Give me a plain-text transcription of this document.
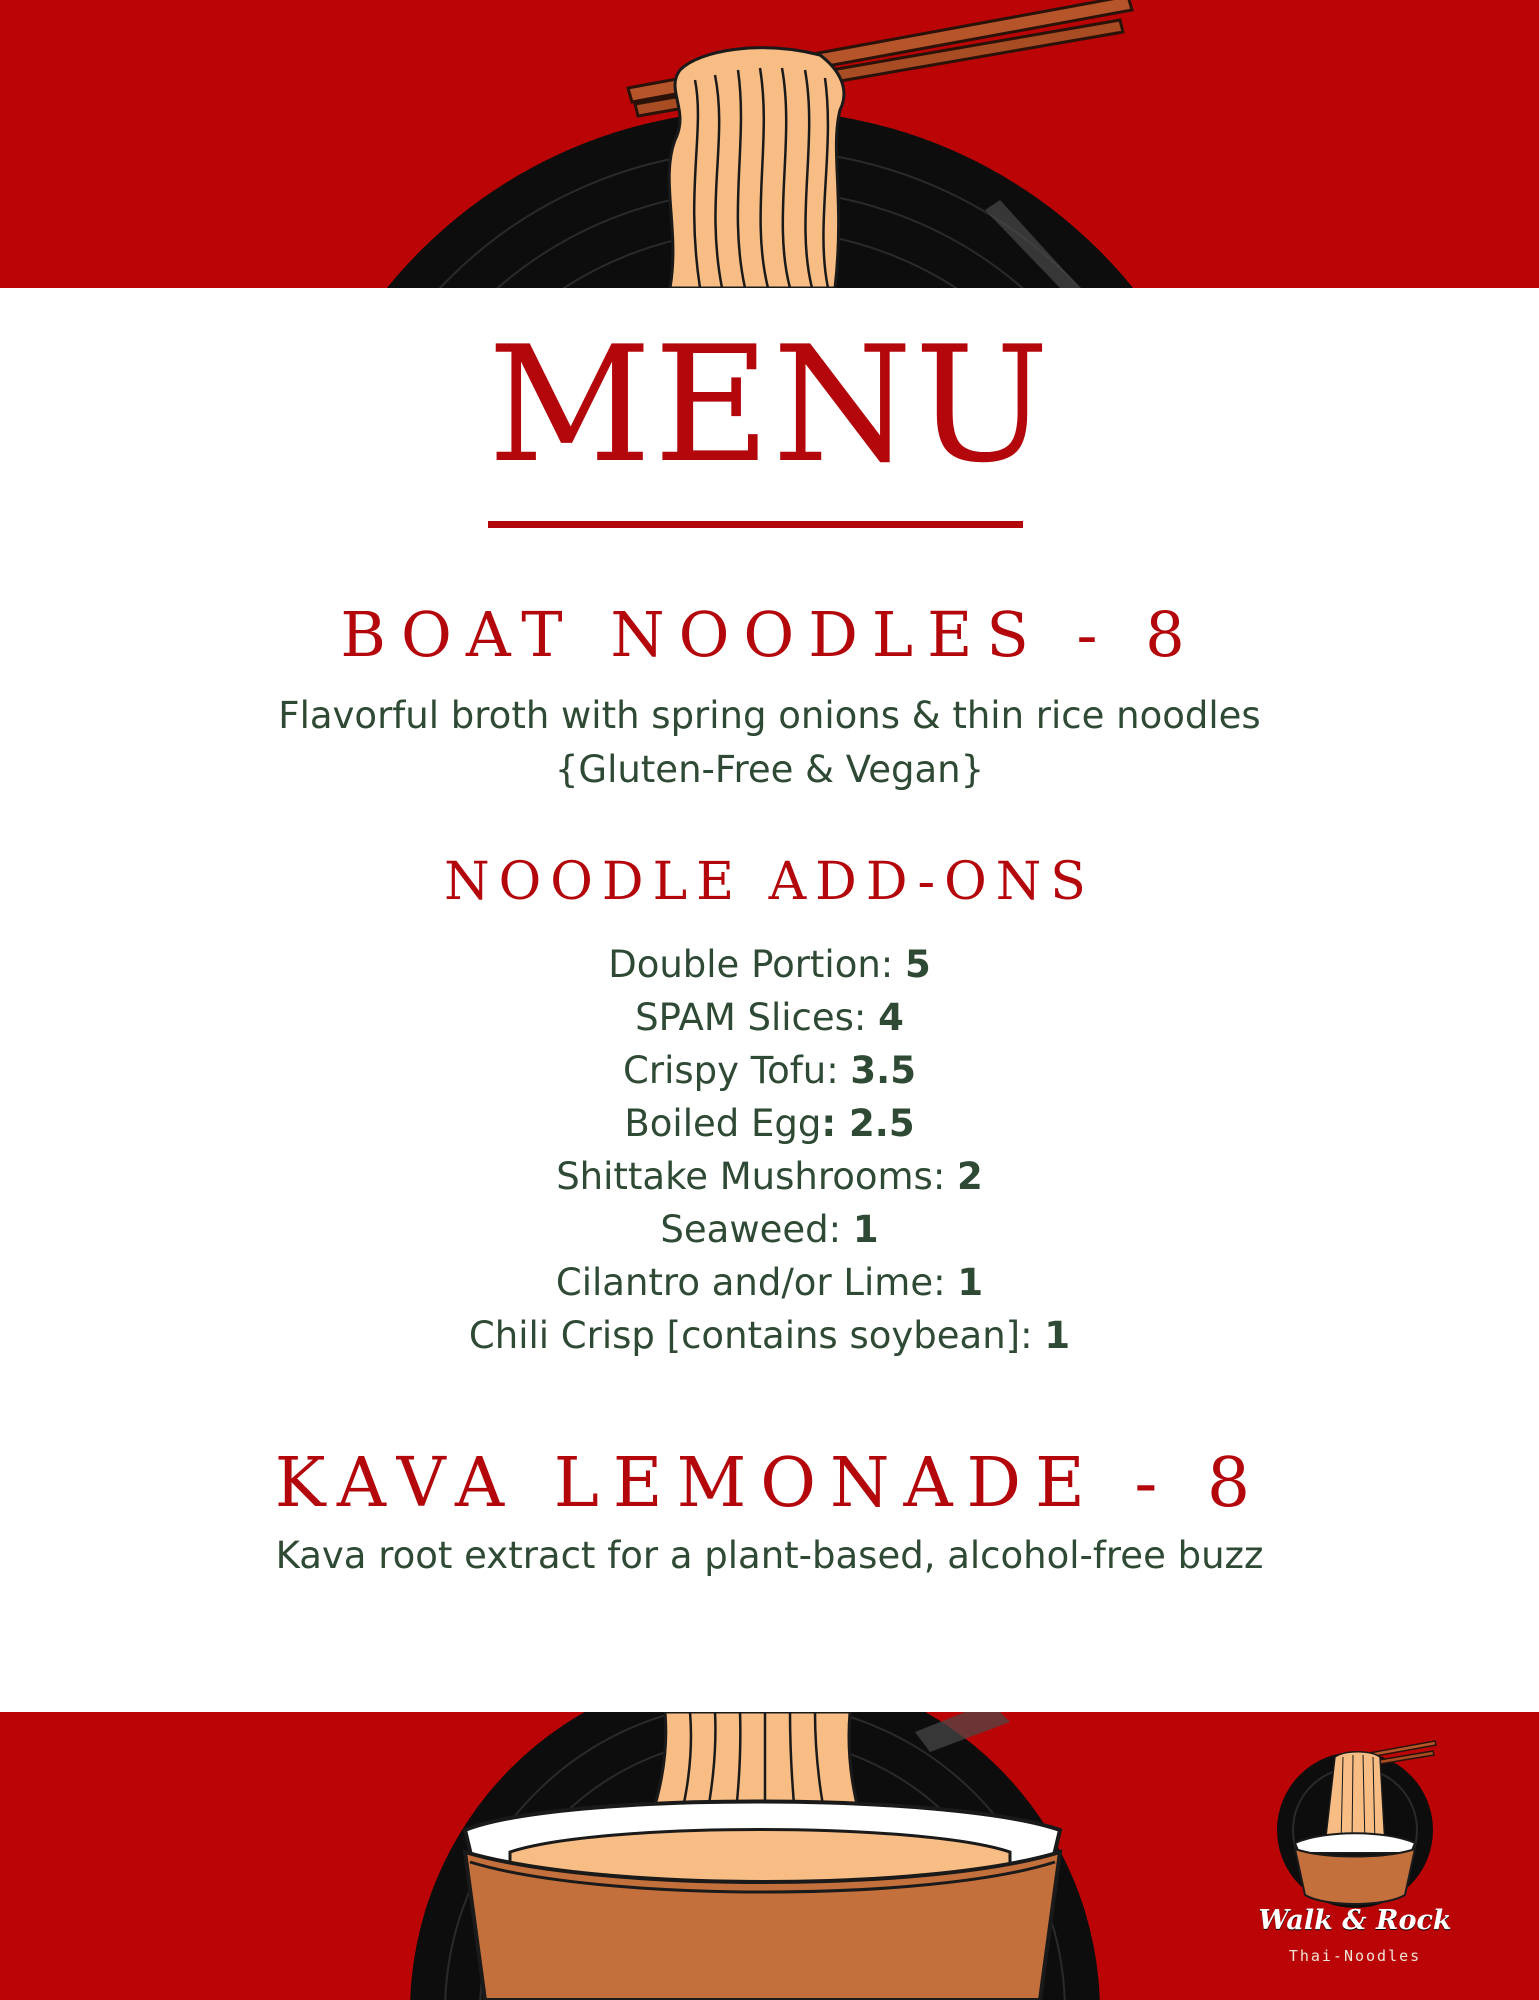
MENU
BOAT NOODLES - 8
Flavorful broth with spring onions & thin rice noodles
{Gluten-Free & Vegan}
NOODLE ADD-ONS
Double Portion: 5
SPAM Slices: 4
Crispy Tofu: 3.5
Boiled Egg: 2.5
Shittake Mushrooms: 2
Seaweed: 1
Cilantro and/or Lime: 1
Chili Crisp [contains soybean]: 1
KAVA LEMONADE - 8
Kava root extract for a plant-based, alcohol-free buzz
Walk & Rock
Thai-Noodles
